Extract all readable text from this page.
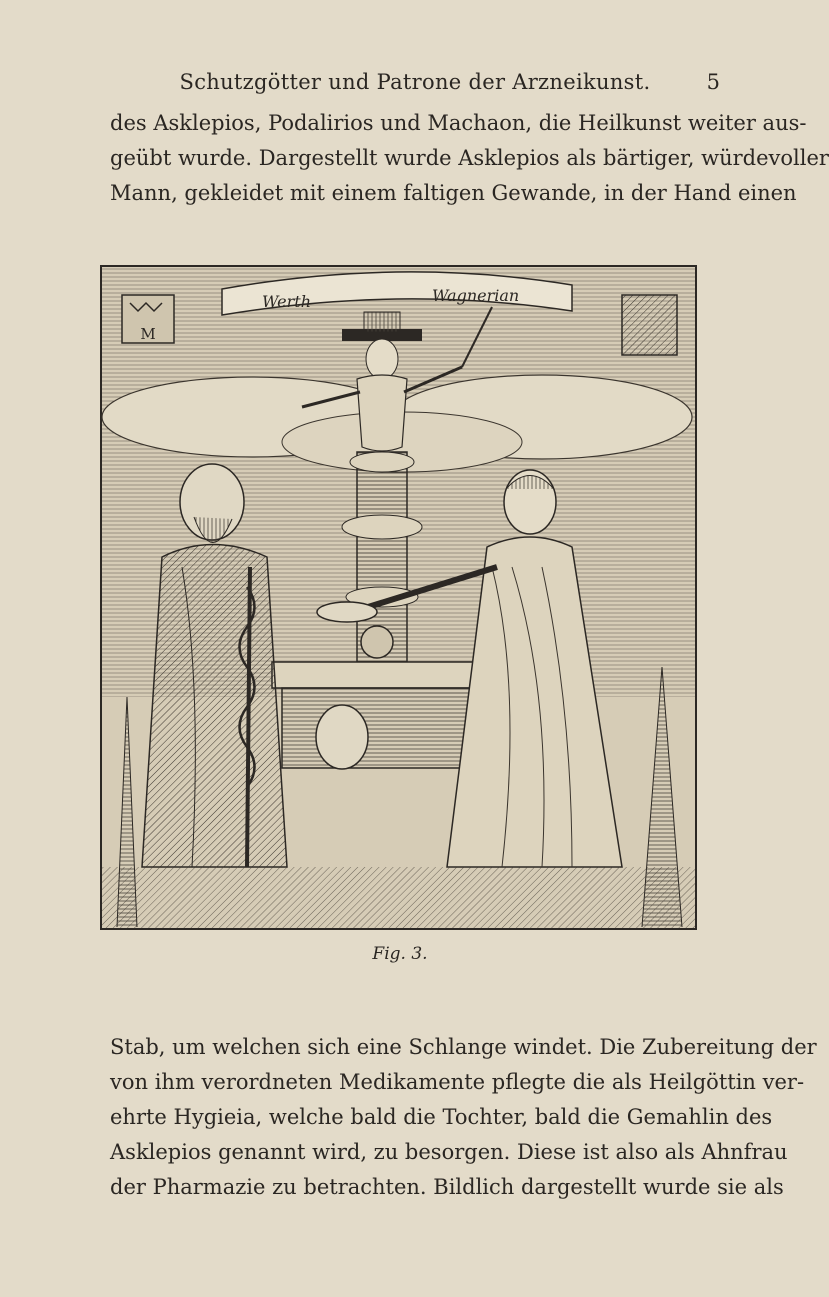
Schutzgötter und Patrone der Arzneikunst.	5
des Asklepios, Podalirios und Machaon, die Heilkunst weiter aus-
geübt wurde. Dargestellt wurde Asklepios als bärtiger, würdevoller
Mann, gekleidet mit einem faltigen Gewande, in der Hand einen
Werth	Wagnerian
M
Fig. 3.
Stab, um welchen sich eine Schlange windet. Die Zubereitung der
von ihm verordneten Medikamente pflegte die als Heilgöttin ver-
ehrte Hygieia, welche bald die Tochter, bald die Gemahlin des
Asklepios genannt wird, zu besorgen. Diese ist also als Ahnfrau
der Pharmazie zu betrachten. Bildlich dargestellt wurde sie als
